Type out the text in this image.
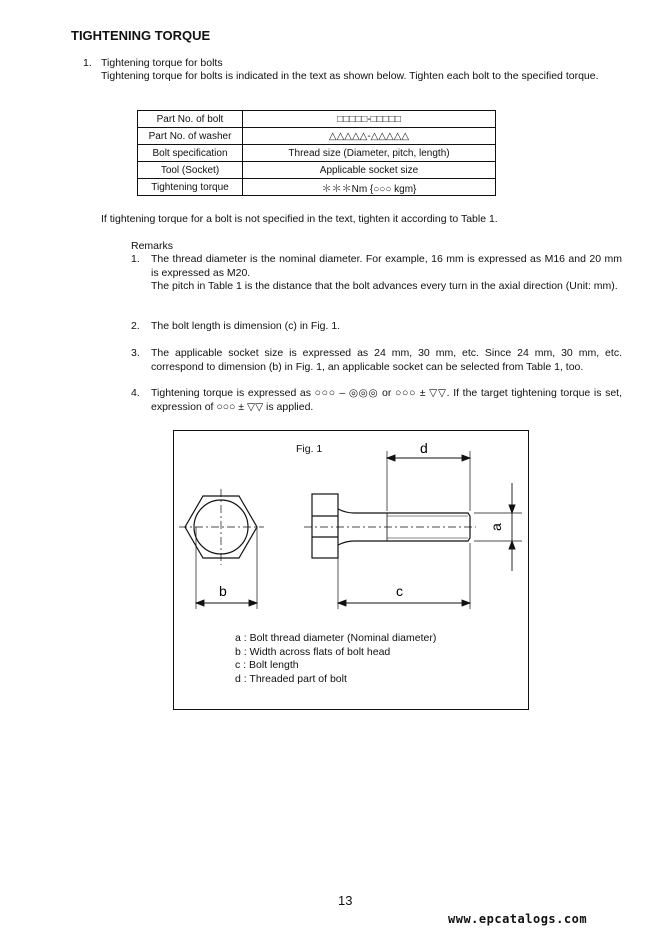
TIGHTENING TORQUE
1. Tightening torque for bolts
Tightening torque for bolts is indicated in the text as shown below. Tighten each bolt to the specified torque.
Part No. of bolt	□□□□□-□□□□□
Part No. of washer	△△△△△-△△△△△
Bolt specification	Thread size (Diameter, pitch, length)
Tool (Socket)	Applicable socket size
Tightening torque	＊＊＊Nm {○○○ kgm}
If tightening torque for a bolt is not specified in the text, tighten it according to Table 1.
Remarks
1. The thread diameter is the nominal diameter. For example, 16 mm is expressed as M16 and 20 mm is expressed as M20.
The pitch in Table 1 is the distance that the bolt advances every turn in the axial direction (Unit: mm).
2. The bolt length is dimension (c) in Fig. 1.
3. The applicable socket size is expressed as 24 mm, 30 mm, etc. Since 24 mm, 30 mm, etc. correspond to dimension (b) in Fig. 1, an applicable socket can be selected from Table 1, too.
4. Tightening torque is expressed as ○○○ – ◎◎◎ or ○○○ ± ▽▽. If the target tightening torque is set, expression of ○○○ ± ▽▽ is applied.
b	c
d
a
Fig. 1
a : Bolt thread diameter (Nominal diameter)
b : Width across flats of bolt head
c : Bolt length
d : Threaded part of bolt
13
www.epcatalogs.com
